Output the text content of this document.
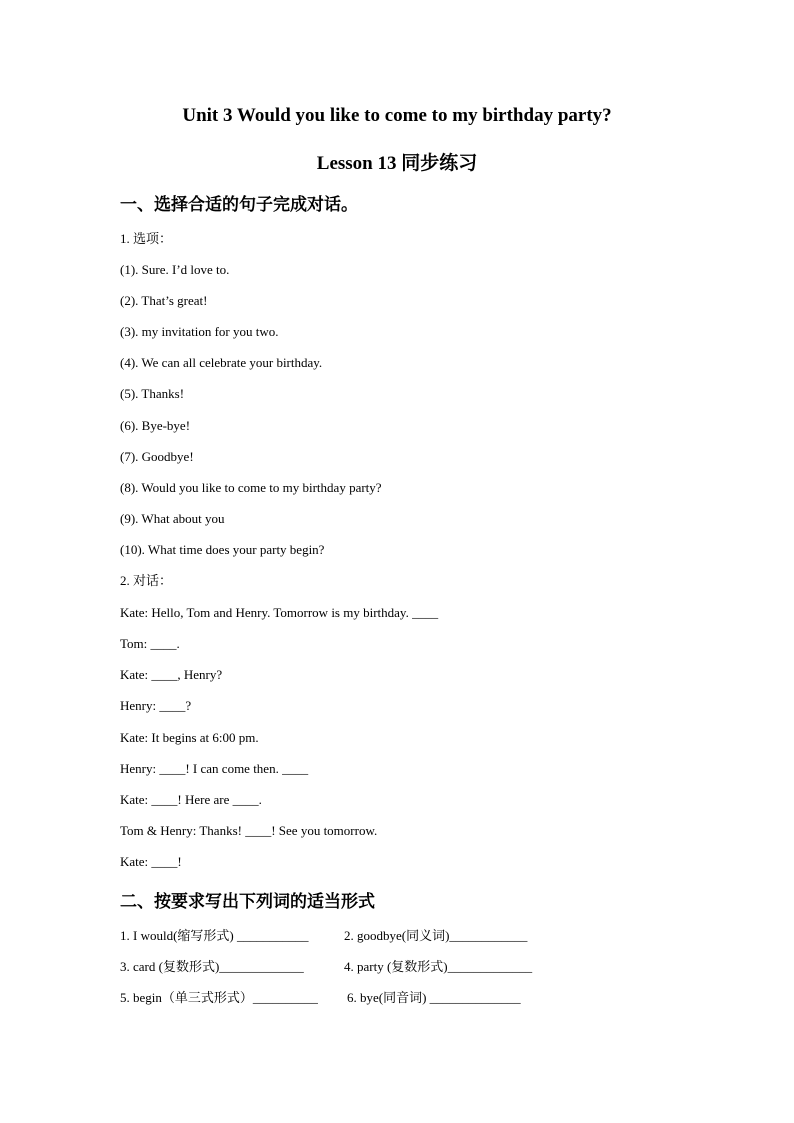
Unit 3 Would you like to come to my birthday party?
Lesson 13 同步练习
一、选择合适的句子完成对话。
1. 选项：
(1). Sure. I’d love to.
(2). That’s great!
(3). my invitation for you two.
(4). We can all celebrate your birthday.
(5). Thanks!
(6). Bye-bye!
(7). Goodbye!
(8). Would you like to come to my birthday party?
(9). What about you
(10). What time does your party begin?
2. 对话：
Kate: Hello, Tom and Henry. Tomorrow is my birthday. ____
Tom: ____.
Kate: ____, Henry?
Henry: ____?
Kate: It begins at 6:00 pm.
Henry: ____! I can come then. ____
Kate: ____! Here are ____.
Tom & Henry: Thanks! ____! See you tomorrow.
Kate: ____!
二、按要求写出下列词的适当形式
1. I would(缩写形式) ___________	2. goodbye(同义词)____________
3. card (复数形式)_____________	4. party (复数形式)_____________
5. begin（单三式形式）__________ 6. bye(同音词) ______________
